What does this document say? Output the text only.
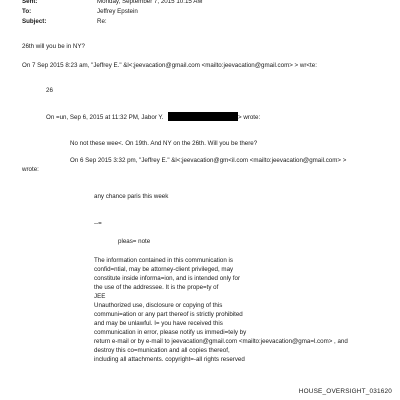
Sent:	Monday, September 7, 2015 10:15 AM
To:	Jeffrey Epstein
Subject:	Re:
26th will you be in NY?
On 7 Sep 2015 8:23 am, "Jeffrey E." &l<;jeevacation@gmail.com <mailto:jeevacation@gmail.com> > wr<te:
26
On =un, Sep 6, 2015 at 11:32 PM, Jabor Y.	> wrote:
No not these wee<. On 19th. And NY on the 26th. Will you be there?
On 6 Sep 2015 3:32 pm, "Jeffrey E." &l<;jeevacation@gm<il.com <mailto:jeevacation@gmail.com> >
wrote:
any chance paris this week
--=
pleas= note
The information contained in this communication is
confid=ntial, may be attorney-client privileged, may
constitute inside informa=ion, and is intended only for
the use of the addressee. It is the prope=ty of
JEE
Unauthorized use, disclosure or copying of this
communi=ation or any part thereof is strictly prohibited
and may be unlawful. I= you have received this
communication in error, please notify us immedi=tely by
return e-mail or by e-mail to jeevacation@gmail.com <mailto:jeevacation@gma=l.com> , and
destroy this co=munication and all copies thereof,
including all attachments. copyright=-all rights reserved
HOUSE_OVERSIGHT_031620
